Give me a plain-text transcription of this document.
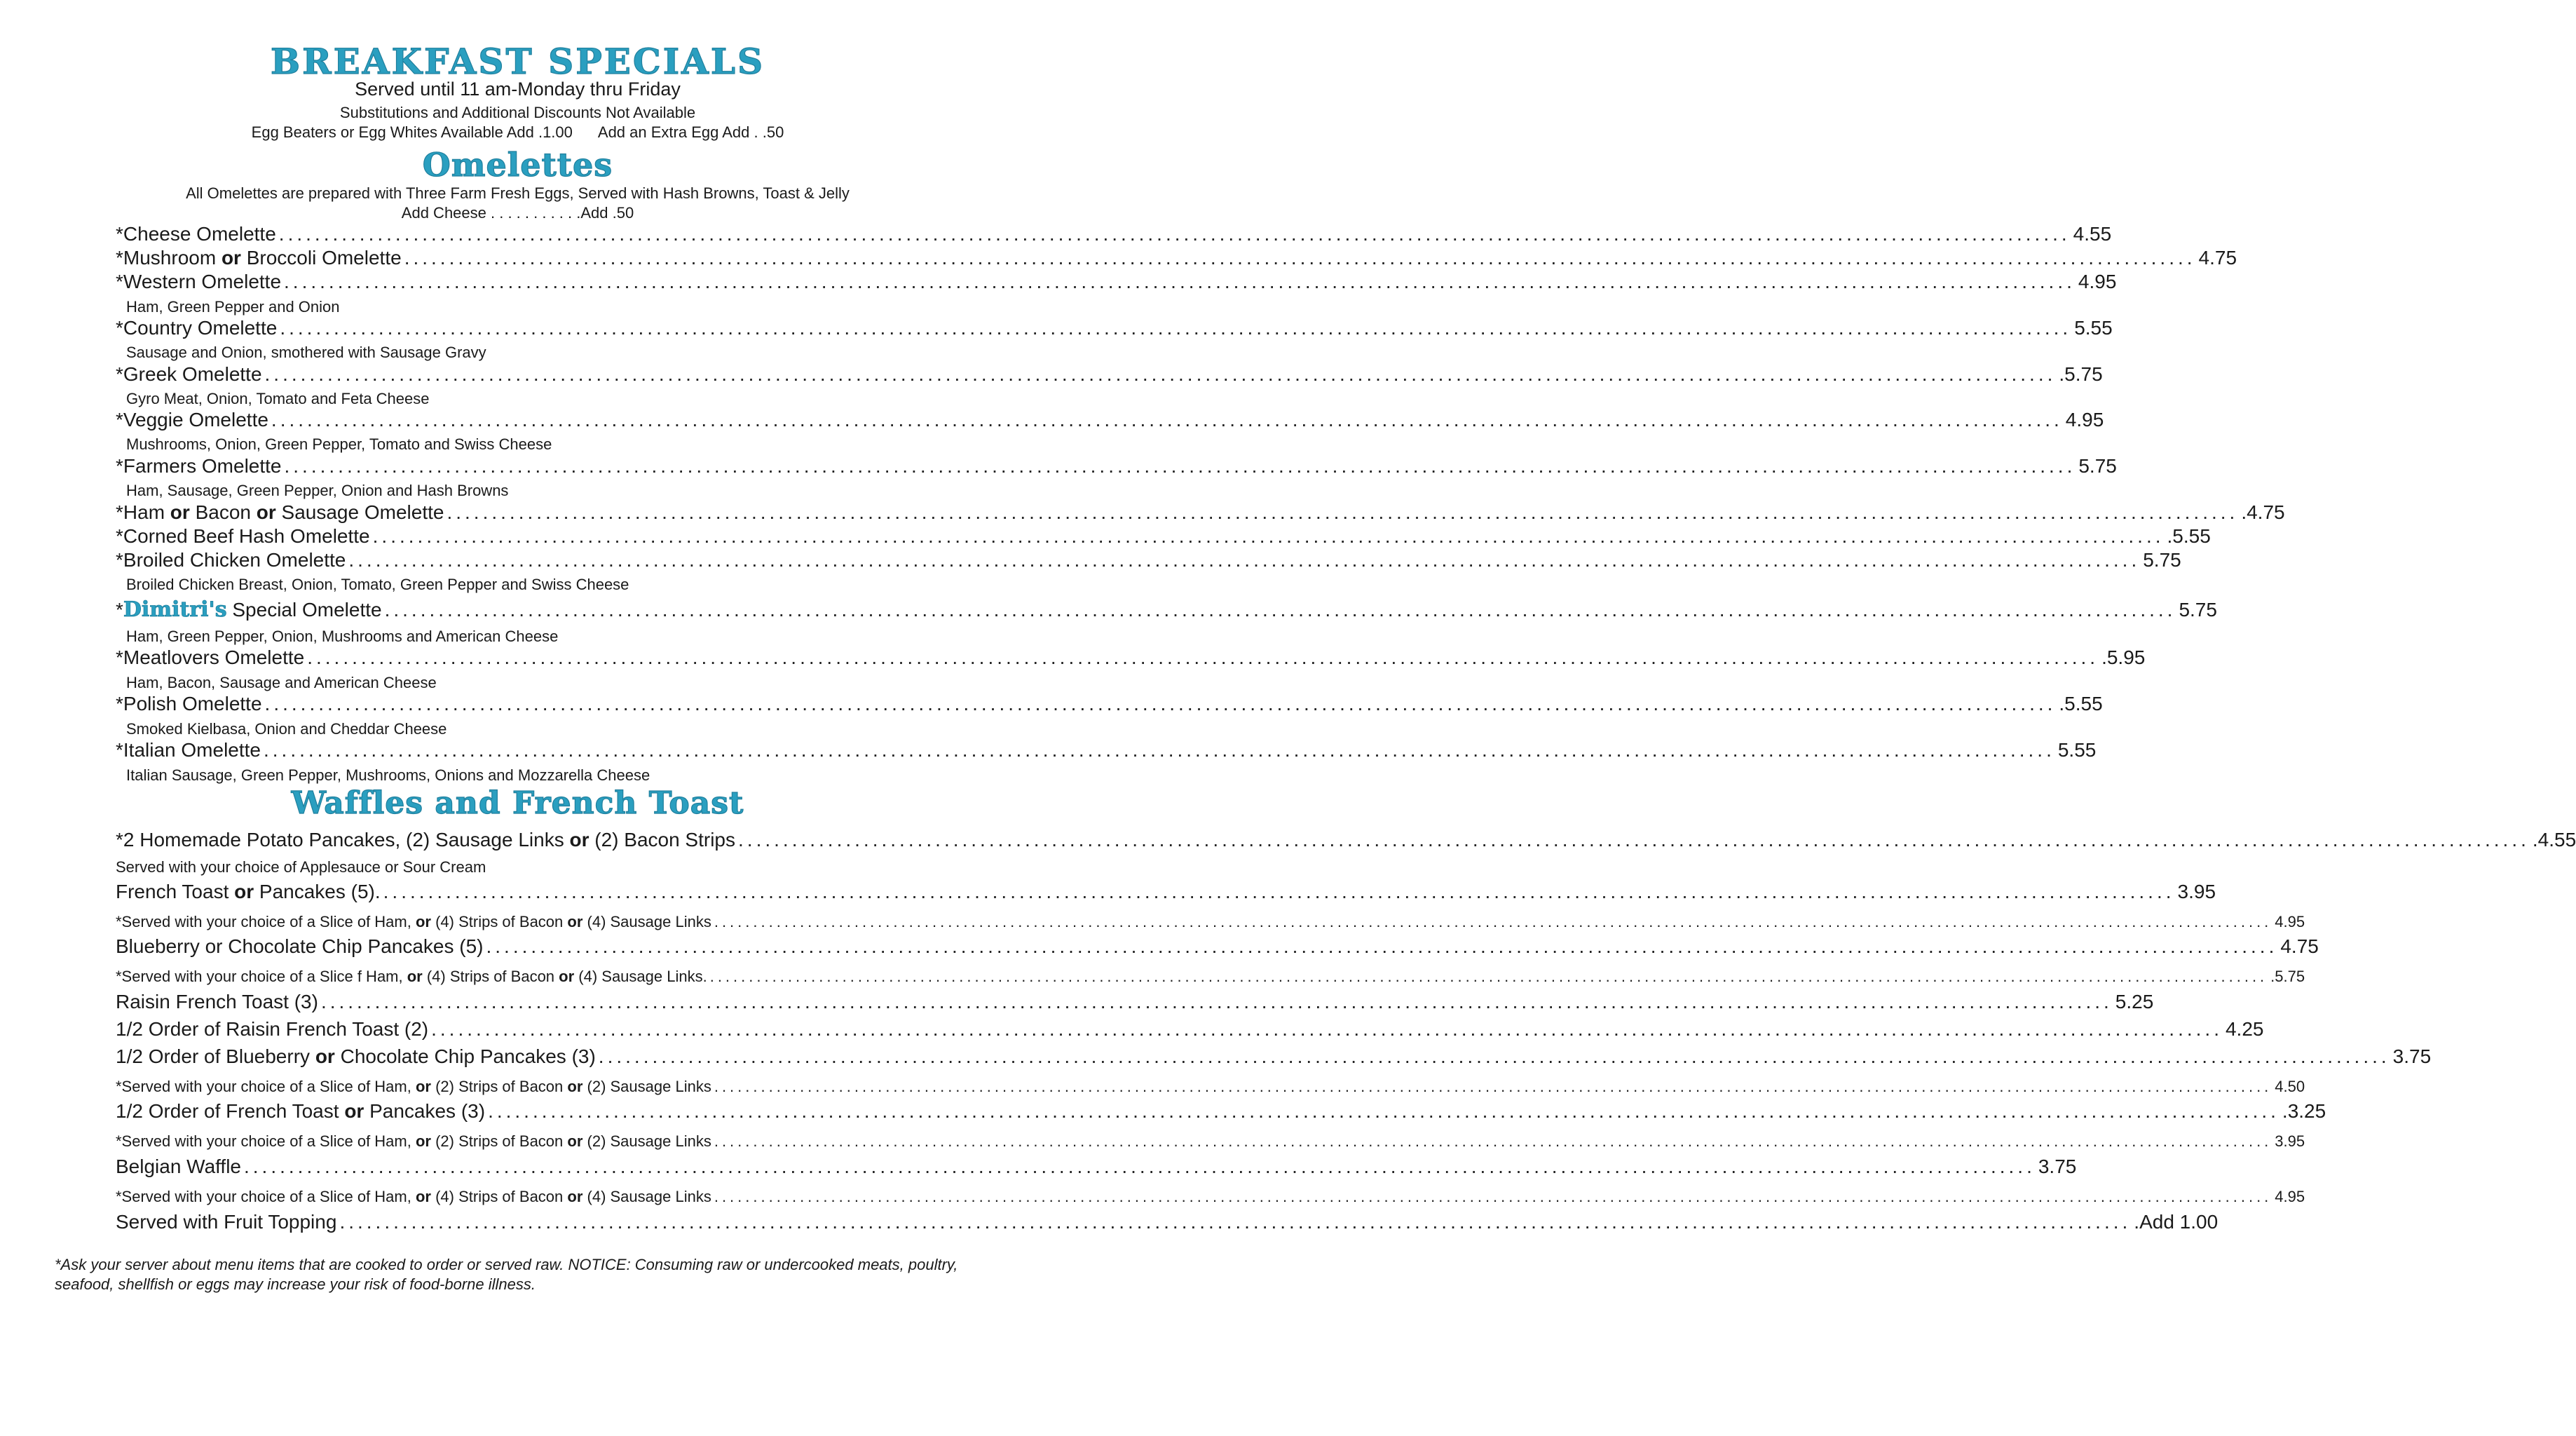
BREAKFAST SPECIALS
Served until 11 am-Monday thru Friday
Substitutions and Additional Discounts Not Available
Egg Beaters or Egg Whites Available Add .1.00 Add an Extra Egg Add . .50
Omelettes
All Omelettes are prepared with Three Farm Fresh Eggs, Served with Hash Browns, Toast & Jelly
Add Cheese . . . . . . . . . . .Add .50
*Cheese Omelette ........................................................................................................................................................................................................ 4.55
*Mushroom or Broccoli Omelette ........................................................................................................................................................................................................ 4.75
*Western Omelette ........................................................................................................................................................................................................ 4.95
Ham, Green Pepper and Onion
*Country Omelette ........................................................................................................................................................................................................ 5.55
Sausage and Onion, smothered with Sausage Gravy
*Greek Omelette ........................................................................................................................................................................................................ .5.75
Gyro Meat, Onion, Tomato and Feta Cheese
*Veggie Omelette ........................................................................................................................................................................................................ 4.95
Mushrooms, Onion, Green Pepper, Tomato and Swiss Cheese
*Farmers Omelette ........................................................................................................................................................................................................ 5.75
Ham, Sausage, Green Pepper, Onion and Hash Browns
*Ham or Bacon or Sausage Omelette ........................................................................................................................................................................................................ .4.75
*Corned Beef Hash Omelette ........................................................................................................................................................................................................ .5.55
*Broiled Chicken Omelette ........................................................................................................................................................................................................ 5.75
Broiled Chicken Breast, Onion, Tomato, Green Pepper and Swiss Cheese
*Dimitri's Special Omelette ........................................................................................................................................................................................................ 5.75
Ham, Green Pepper, Onion, Mushrooms and American Cheese
*Meatlovers Omelette ........................................................................................................................................................................................................ .5.95
Ham, Bacon, Sausage and American Cheese
*Polish Omelette ........................................................................................................................................................................................................ .5.55
Smoked Kielbasa, Onion and Cheddar Cheese
*Italian Omelette ........................................................................................................................................................................................................ 5.55
Italian Sausage, Green Pepper, Mushrooms, Onions and Mozzarella Cheese
Waffles and French Toast
*2 Homemade Potato Pancakes, (2) Sausage Links or (2) Bacon Strips ........................................................................................................................................................................................................ .4.55
Served with your choice of Applesauce or Sour Cream
French Toast or Pancakes (5). ........................................................................................................................................................................................................ 3.95
*Served with your choice of a Slice of Ham, or (4) Strips of Bacon or (4) Sausage Links ........................................................................................................................................................................................................ 4.95
Blueberry or Chocolate Chip Pancakes (5) ........................................................................................................................................................................................................ 4.75
*Served with your choice of a Slice f Ham, or (4) Strips of Bacon or (4) Sausage Links. ........................................................................................................................................................................................................ .5.75
Raisin French Toast (3) ........................................................................................................................................................................................................ 5.25
1/2 Order of Raisin French Toast (2) ........................................................................................................................................................................................................ 4.25
1/2 Order of Blueberry or Chocolate Chip Pancakes (3) ........................................................................................................................................................................................................ 3.75
*Served with your choice of a Slice of Ham, or (2) Strips of Bacon or (2) Sausage Links ........................................................................................................................................................................................................ 4.50
1/2 Order of French Toast or Pancakes (3) ........................................................................................................................................................................................................ .3.25
*Served with your choice of a Slice of Ham, or (2) Strips of Bacon or (2) Sausage Links ........................................................................................................................................................................................................ 3.95
Belgian Waffle ........................................................................................................................................................................................................ 3.75
*Served with your choice of a Slice of Ham, or (4) Strips of Bacon or (4) Sausage Links ........................................................................................................................................................................................................ 4.95
Served with Fruit Topping ........................................................................................................................................................................................................ .Add 1.00
*Ask your server about menu items that are cooked to order or served raw. NOTICE: Consuming raw or undercooked meats, poultry, seafood, shellfish or eggs may increase your risk of food-borne illness.
